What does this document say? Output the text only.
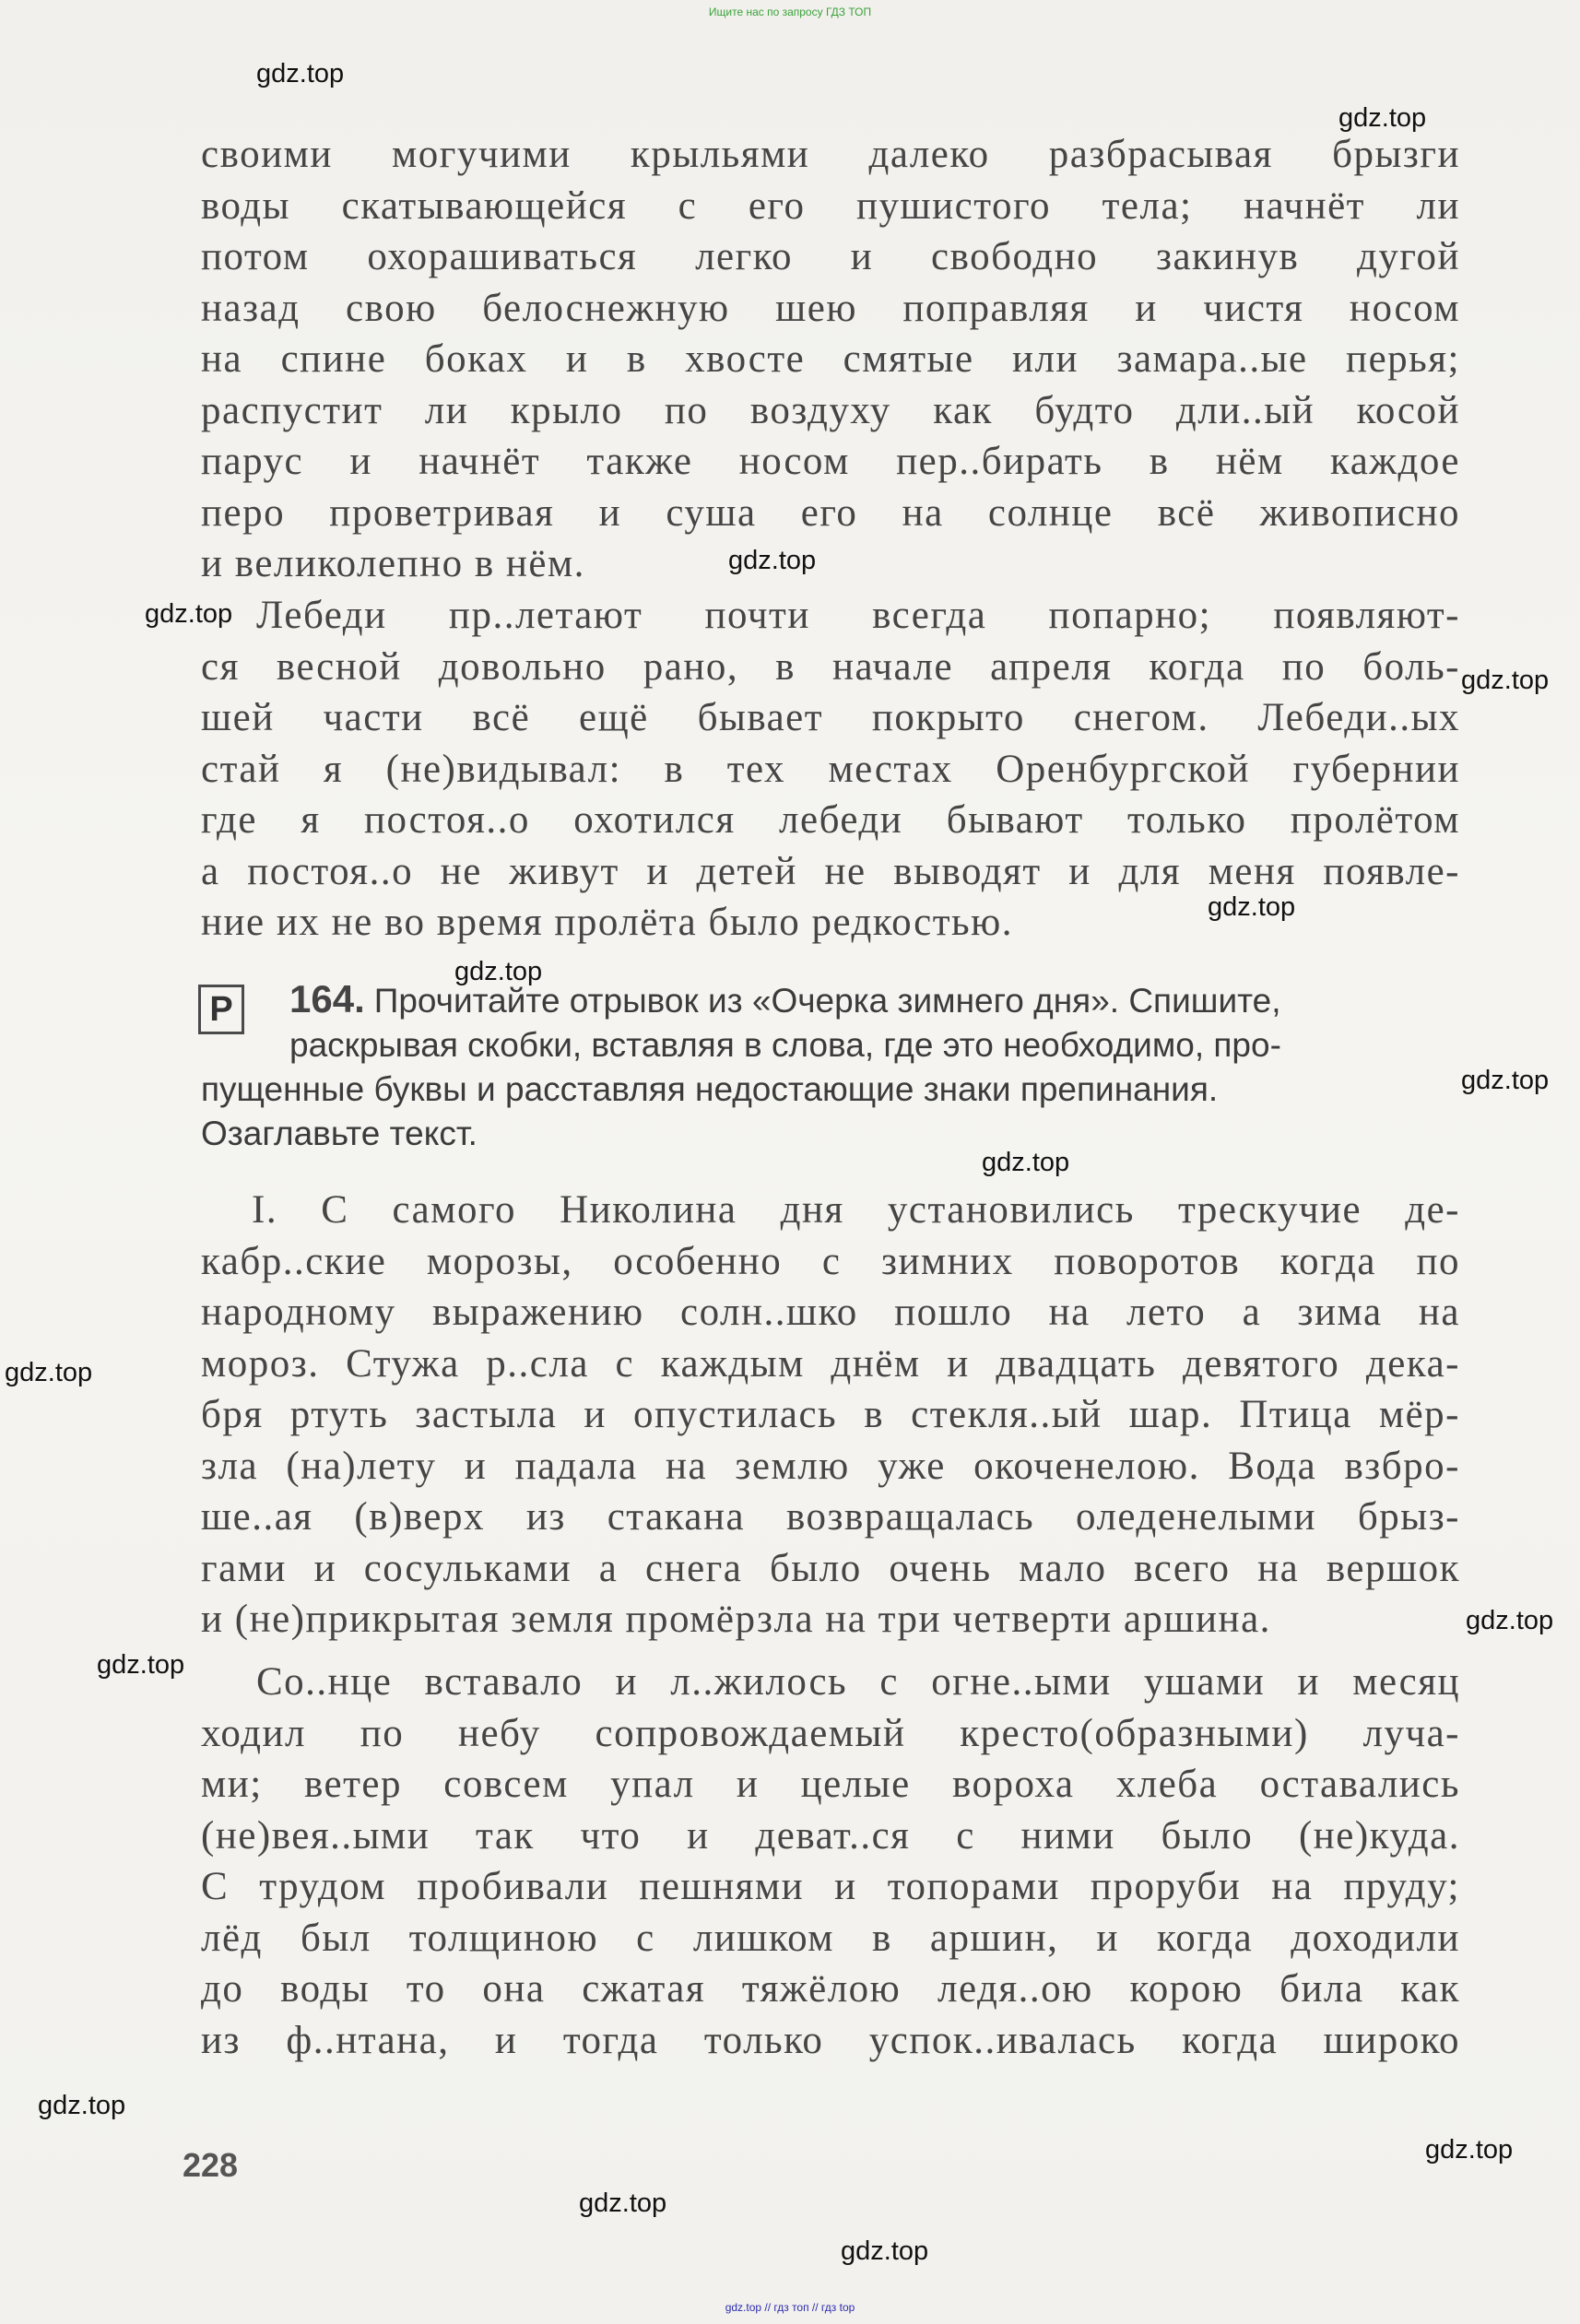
Ищите нас по запросу ГДЗ ТОП
своими могучими крыльями далеко разбрасывая брызги
воды скатывающейся с его пушистого тела; начнёт ли
потом охорашиваться легко и свободно закинув дугой
назад свою белоснежную шею поправляя и чистя носом
на спине боках и в хвосте смятые или замара..ые перья;
распустит ли крыло по воздуху как будто дли..ый косой
парус и начнёт также носом пер..бирать в нём каждое
перо проветривая и суша его на солнце всё живописно
и великолепно в нём.
Лебеди пр..летают почти всегда попарно; появляют-
ся весной довольно рано, в начале апреля когда по боль-
шей части всё ещё бывает покрыто снегом. Лебеди..ых
стай я (не)видывал: в тех местах Оренбургской губернии
где я постоя..о охотился лебеди бывают только пролётом
а постоя..о не живут и детей не выводят и для меня появле-
ние их не во время пролёта было редкостью.
Р	164. Прочитайте отрывок из «Очерка зимнего дня». Спишите,
раскрывая скобки, вставляя в слова, где это необходимо, про-
пущенные буквы и расставляя недостающие знаки препинания.
Озаглавьте текст.
I. С самого Николина дня установились трескучие де-
кабр..ские морозы, особенно с зимних поворотов когда по
народному выражению солн..шко пошло на лето а зима на
мороз. Стужа р..сла с каждым днём и двадцать девятого дека-
бря ртуть застыла и опустилась в стекля..ый шар. Птица мёр-
зла (на)лету и падала на землю уже окоченелою. Вода взбро-
ше..ая (в)верх из стакана возвращалась оледенелыми брыз-
гами и сосульками а снега было очень мало всего на вершок
и (не)прикрытая земля промёрзла на три четверти аршина.
Со..нце вставало и л..жилось с огне..ыми ушами и месяц
ходил по небу сопровождаемый кресто(образными) луча-
ми; ветер совсем упал и целые вороха хлеба оставались
(не)вея..ыми так что и деват..ся с ними было (не)куда.
С трудом пробивали пешнями и топорами проруби на пруду;
лёд был толщиною с лишком в аршин, и когда доходили
до воды то она сжатая тяжёлою ледя..ою корою била как
из ф..нтана, и тогда только успок..ивалась когда широко
228
gdz.top
gdz.top
gdz.top
gdz.top
gdz.top
gdz.top
gdz.top
gdz.top
gdz.top
gdz.top
gdz.top
gdz.top
gdz.top
gdz.top
gdz.top
gdz.top
gdz.top // гдз топ // гдз top
